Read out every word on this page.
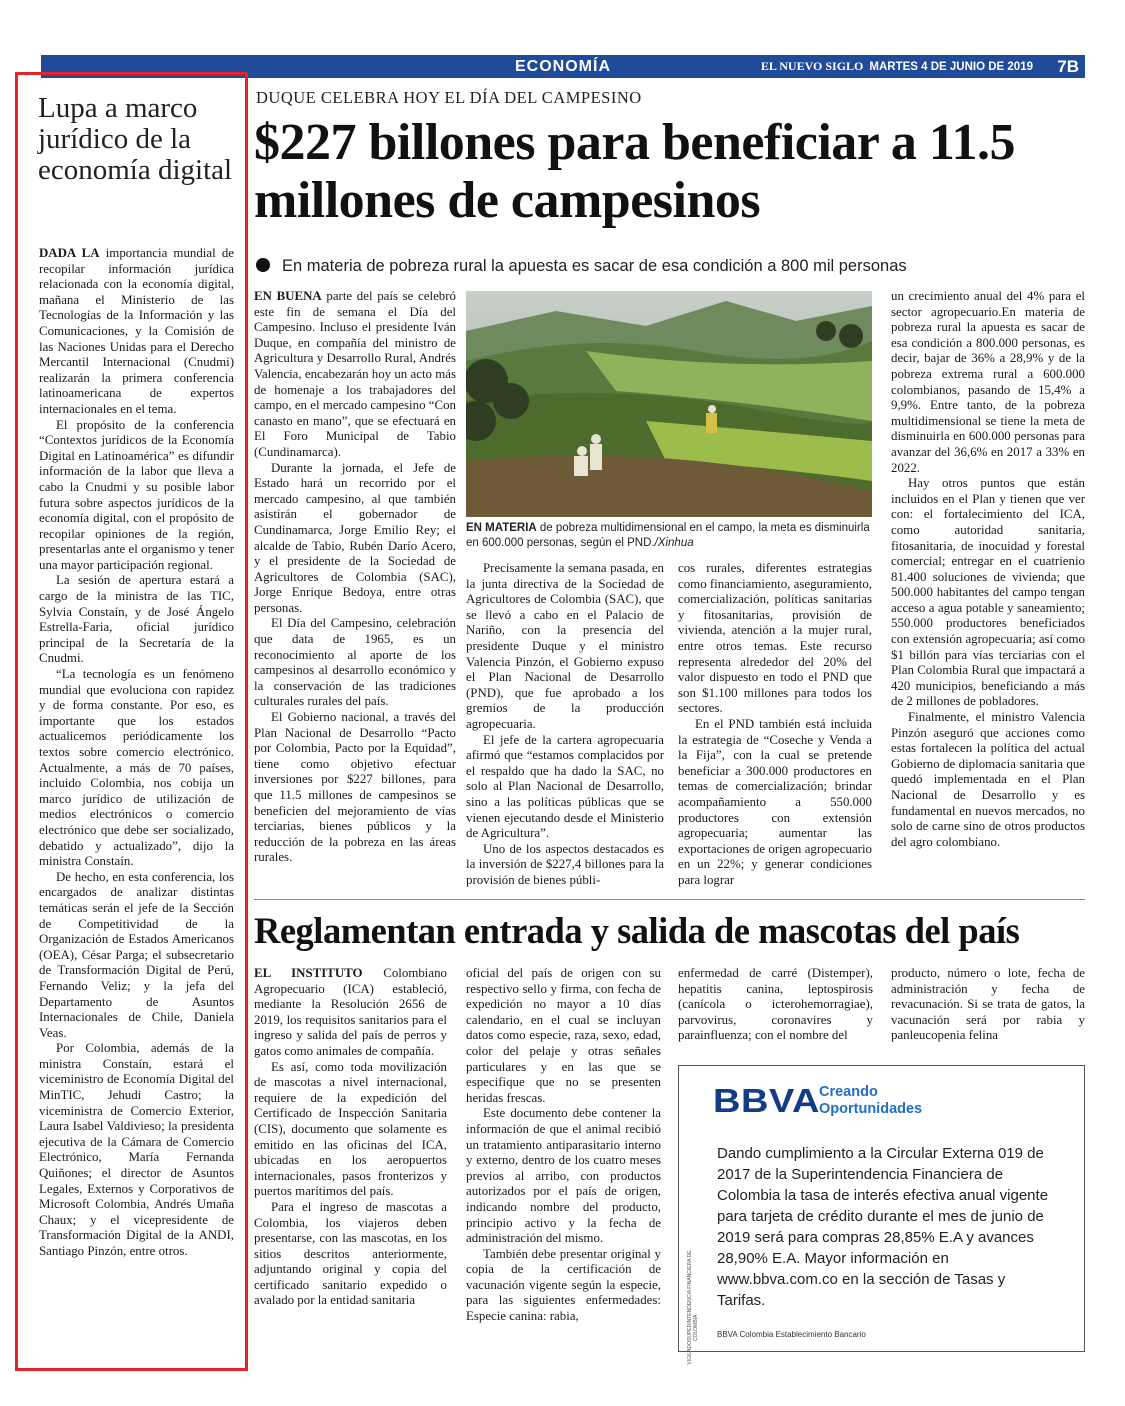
ECONOMÍA	EL NUEVO SIGLO MARTES 4 DE JUNIO DE 2019 7B
Lupa a marco jurídico de la economía digital

DADA LA importancia mundial de recopilar información jurídica relacionada con la economía digital, mañana el Ministerio de las Tecnologías de la Información y las Comunicaciones, y la Comisión de las Naciones Unidas para el Derecho Mercantil Internacional (Cnudmi) realizarán la primera conferencia latinoamericana de expertos internacionales en el tema.

El propósito de la conferencia “Contextos jurídicos de la Economía Digital en Latinoamérica” es difundir información de la labor que lleva a cabo la Cnudmi y su posible labor futura sobre aspectos jurídicos de la economía digital, con el propósito de recopilar opiniones de la región, presentarlas ante el organismo y tener una mayor participación regional.

La sesión de apertura estará a cargo de la ministra de las TIC, Sylvia Constaín, y de José Ángelo Estrella-Faria, oficial jurídico principal de la Secretaría de la Cnudmi.

“La tecnología es un fenómeno mundial que evoluciona con rapidez y de forma constante. Por eso, es importante que los estados actualicemos periódicamente los textos sobre comercio electrónico. Actualmente, a más de 70 países, incluido Colombia, nos cobija un marco jurídico de utilización de medios electrónicos o comercio electrónico que debe ser socializado, debatido y actualizado”, dijo la ministra Constaín.

De hecho, en esta conferencia, los encargados de analizar distintas temáticas serán el jefe de la Sección de Competitividad de la Organización de Estados Americanos (OEA), César Parga; el subsecretario de Transformación Digital de Perú, Fernando Veliz; y la jefa del Departamento de Asuntos Internacionales de Chile, Daniela Veas.

Por Colombia, además de la ministra Constaín, estará el viceministro de Economía Digital del MinTIC, Jehudi Castro; la viceministra de Comercio Exterior, Laura Isabel Valdivieso; la presidenta ejecutiva de la Cámara de Comercio Electrónico, María Fernanda Quiñones; el director de Asuntos Legales, Externos y Corporativos de Microsoft Colombia, Andrés Umaña Chaux; y el vicepresidente de Transformación Digital de la ANDI, Santiago Pinzón, entre otros.

DUQUE CELEBRA HOY EL DÍA DEL CAMPESINO
$227 billones para beneficiar a 11.5 millones de campesinos
En materia de pobreza rural la apuesta es sacar de esa condición a 800 mil personas

EN BUENA parte del país se celebró este fin de semana el Día del Campesino. Incluso el presidente Iván Duque, en compañía del ministro de Agricultura y Desarrollo Rural, Andrés Valencia, encabezarán hoy un acto más de homenaje a los trabajadores del campo, en el mercado campesino “Con canasto en mano”, que se efectuará en El Foro Municipal de Tabio (Cundinamarca).

Durante la jornada, el Jefe de Estado hará un recorrido por el mercado campesino, al que también asistirán el gobernador de Cundinamarca, Jorge Emilio Rey; el alcalde de Tabio, Rubén Darío Acero, y el presidente de la Sociedad de Agricultores de Colombia (SAC), Jorge Enrique Bedoya, entre otras personas.

El Día del Campesino, celebración que data de 1965, es un reconocimiento al aporte de los campesinos al desarrollo económico y la conservación de las tradiciones culturales rurales del país.

El Gobierno nacional, a través del Plan Nacional de Desarrollo “Pacto por Colombia, Pacto por la Equidad”, tiene como objetivo efectuar inversiones por $227 billones, para que 11.5 millones de campesinos se beneficien del mejoramiento de vías terciarias, bienes públicos y la reducción de la pobreza en las áreas rurales.

EN MATERIA de pobreza multidimensional en el campo, la meta es disminuirla en 600.000 personas, según el PND./Xinhua

Precisamente la semana pasada, en la junta directiva de la Sociedad de Agricultores de Colombia (SAC), que se llevó a cabo en el Palacio de Nariño, con la presencia del presidente Duque y el ministro Valencia Pinzón, el Gobierno expuso el Plan Nacional de Desarrollo (PND), que fue aprobado a los gremios de la producción agropecuaria.

El jefe de la cartera agropecuaria afirmó que “estamos complacidos por el respaldo que ha dado la SAC, no solo al Plan Nacional de Desarrollo, sino a las políticas públicas que se vienen ejecutando desde el Ministerio de Agricultura”.

Uno de los aspectos destacados es la inversión de $227,4 billones para la provisión de bienes públi-

cos rurales, diferentes estrategias como financiamiento, aseguramiento, comercialización, políticas sanitarias y fitosanitarias, provisión de vivienda, atención a la mujer rural, entre otros temas. Este recurso representa alrededor del 20% del valor dispuesto en todo el PND que son $1.100 millones para todos los sectores.

En el PND también está incluida la estrategia de “Coseche y Venda a la Fija”, con la cual se pretende beneficiar a 300.000 productores en temas de comercialización; brindar acompañamiento a 550.000 productores con extensión agropecuaria; aumentar las exportaciones de origen agropecuario en un 22%; y generar condiciones para lograr

un crecimiento anual del 4% para el sector agropecuario.En materia de pobreza rural la apuesta es sacar de esa condición a 800.000 personas, es decir, bajar de 36% a 28,9% y de la pobreza extrema rural a 600.000 colombianos, pasando de 15,4% a 9,9%. Entre tanto, de la pobreza multidimensional se tiene la meta de disminuirla en 600.000 personas para avanzar del 36,6% en 2017 a 33% en 2022.

Hay otros puntos que están incluidos en el Plan y tienen que ver con: el fortalecimiento del ICA, como autoridad sanitaria, fitosanitaria, de inocuidad y forestal comercial; entregar en el cuatrienio 81.400 soluciones de vivienda; que 500.000 habitantes del campo tengan acceso a agua potable y saneamiento; 550.000 productores beneficiados con extensión agropecuaria; así como $1 billón para vías terciarias con el Plan Colombia Rural que impactará a 420 municipios, beneficiando a más de 2 millones de pobladores.

Finalmente, el ministro Valencia Pinzón aseguró que acciones como estas fortalecen la política del actual Gobierno de diplomacia sanitaria que quedó implementada en el Plan Nacional de Desarrollo y es fundamental en nuevos mercados, no solo de carne sino de otros productos del agro colombiano.

Reglamentan entrada y salida de mascotas del país

EL INSTITUTO Colombiano Agropecuario (ICA) estableció, mediante la Resolución 2656 de 2019, los requisitos sanitarios para el ingreso y salida del país de perros y gatos como animales de compañía.

Es así, como toda movilización de mascotas a nivel internacional, requiere de la expedición del Certificado de Inspección Sanitaria (CIS), documento que solamente es emitido en las oficinas del ICA, ubicadas en los aeropuertos internacionales, pasos fronterizos y puertos marítimos del país.

Para el ingreso de mascotas a Colombia, los viajeros deben presentarse, con las mascotas, en los sitios descritos anteriormente, adjuntando original y copia del certificado sanitario expedido o avalado por la entidad sanitaria

oficial del país de origen con su respectivo sello y firma, con fecha de expedición no mayor a 10 días calendario, en el cual se incluyan datos como especie, raza, sexo, edad, color del pelaje y otras señales particulares y en las que se especifique que no se presenten heridas frescas.

Este documento debe contener la información de que el animal recibió un tratamiento antiparasitario interno y externo, dentro de los cuatro meses previos al arribo, con productos autorizados por el país de origen, indicando nombre del producto, principio activo y la fecha de administración del mismo.

También debe presentar original y copia de la certificación de vacunación vigente según la especie, para las siguientes enfermedades: Especie canina: rabia,

enfermedad de carré (Distemper), hepatitis canina, leptospirosis (canícola o icterohemorragiae), parvovirus, coronavires y parainfluenza; con el nombre del

producto, número o lote, fecha de administración y fecha de revacunación. Si se trata de gatos, la vacunación será por rabia y panleucopenia felina

BBVA
Creando
Oportunidades
Dando cumplimiento a la Circular Externa 019 de 2017 de la Superintendencia Financiera de Colombia la tasa de interés efectiva anual vigente para tarjeta de crédito durante el mes de junio de 2019 será para compras 28,85% E.A y avances 28,90% E.A. Mayor información en www.bbva.com.co en la sección de Tasas y Tarifas.
SUPERINTENDENCIA FINANCIERA DE COLOMBIA
VIGILADO
BBVA Colombia Establecimiento Bancario
